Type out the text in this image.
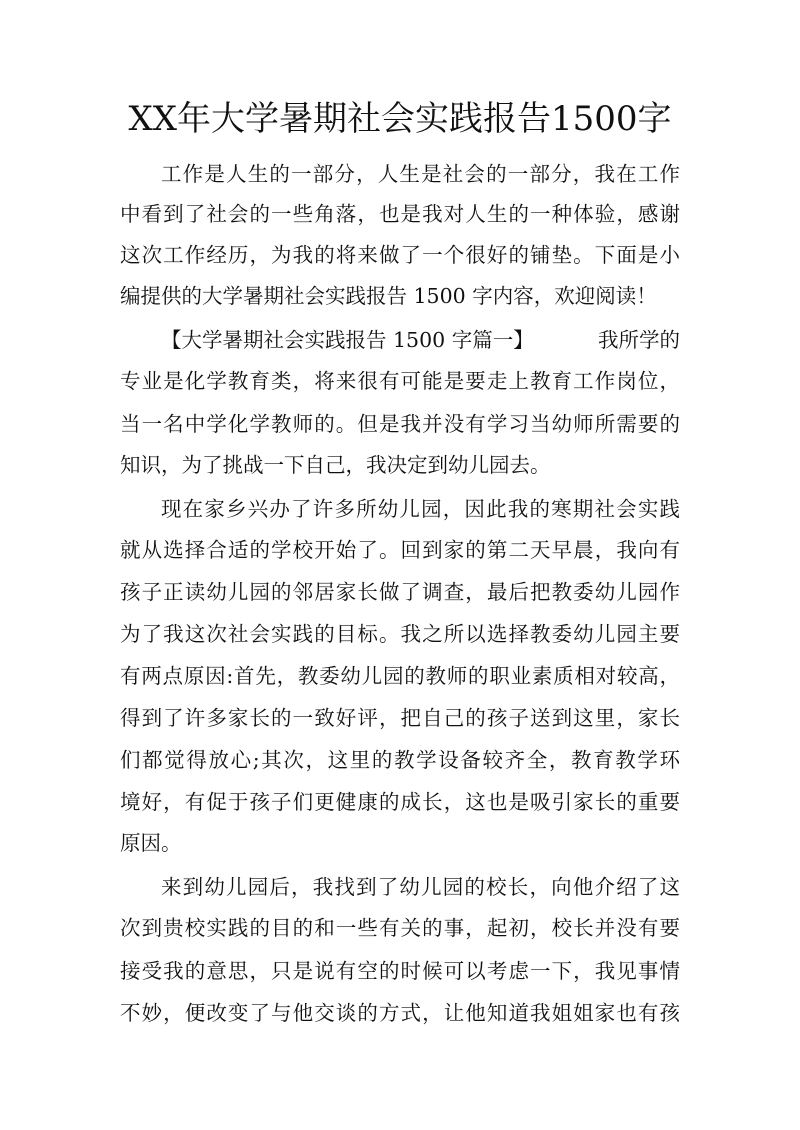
XX年大学暑期社会实践报告1500字
工作是人生的一部分，人生是社会的一部分，我在工作
中看到了社会的一些角落，也是我对人生的一种体验，感谢
这次工作经历，为我的将来做了一个很好的铺垫。下面是小
编提供的大学暑期社会实践报告 1500 字内容，欢迎阅读！
【大学暑期社会实践报告 1500 字篇一】	我所学的
专业是化学教育类，将来很有可能是要走上教育工作岗位，
当一名中学化学教师的。但是我并没有学习当幼师所需要的
知识，为了挑战一下自己，我决定到幼儿园去。
现在家乡兴办了许多所幼儿园，因此我的寒期社会实践
就从选择合适的学校开始了。回到家的第二天早晨，我向有
孩子正读幼儿园的邻居家长做了调查，最后把教委幼儿园作
为了我这次社会实践的目标。我之所以选择教委幼儿园主要
有两点原因:首先，教委幼儿园的教师的职业素质相对较高，
得到了许多家长的一致好评，把自己的孩子送到这里，家长
们都觉得放心;其次，这里的教学设备较齐全，教育教学环
境好，有促于孩子们更健康的成长，这也是吸引家长的重要
原因。
来到幼儿园后，我找到了幼儿园的校长，向他介绍了这
次到贵校实践的目的和一些有关的事，起初，校长并没有要
接受我的意思，只是说有空的时候可以考虑一下，我见事情
不妙，便改变了与他交谈的方式，让他知道我姐姐家也有孩
